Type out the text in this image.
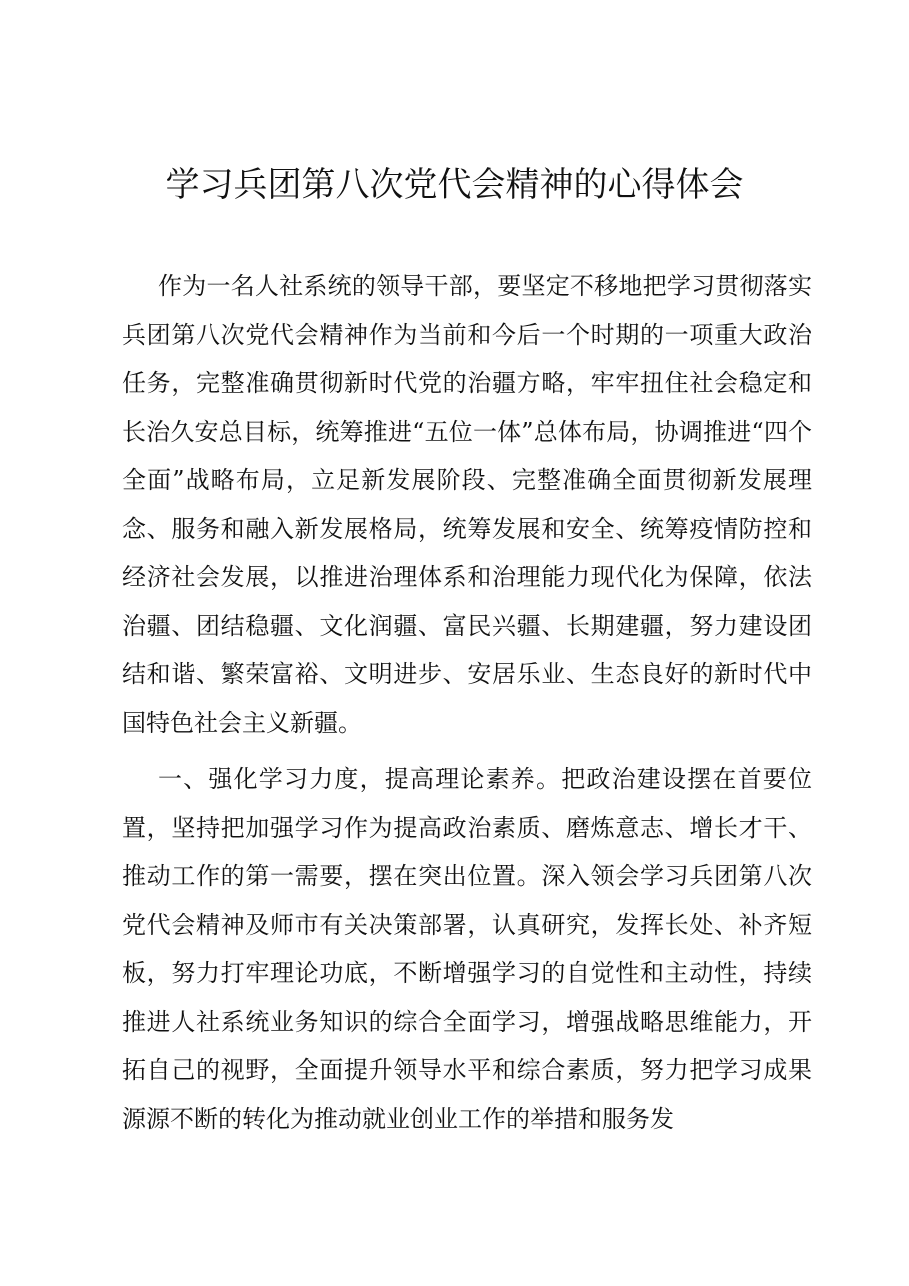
学习兵团第八次党代会精神的心得体会

作为一名人社系统的领导干部，要坚定不移地把学习贯彻落实兵团第八次党代会精神作为当前和今后一个时期的一项重大政治任务，完整准确贯彻新时代党的治疆方略，牢牢扭住社会稳定和长治久安总目标，统筹推进“五位一体”总体布局，协调推进“四个全面”战略布局，立足新发展阶段、完整准确全面贯彻新发展理念、服务和融入新发展格局，统筹发展和安全、统筹疫情防控和经济社会发展，以推进治理体系和治理能力现代化为保障，依法治疆、团结稳疆、文化润疆、富民兴疆、长期建疆，努力建设团结和谐、繁荣富裕、文明进步、安居乐业、生态良好的新时代中国特色社会主义新疆。

一、强化学习力度，提高理论素养。把政治建设摆在首要位置，坚持把加强学习作为提高政治素质、磨炼意志、增长才干、推动工作的第一需要，摆在突出位置。深入领会学习兵团第八次党代会精神及师市有关决策部署，认真研究，发挥长处、补齐短板，努力打牢理论功底，不断增强学习的自觉性和主动性，持续推进人社系统业务知识的综合全面学习，增强战略思维能力，开拓自己的视野，全面提升领导水平和综合素质，努力把学习成果源源不断的转化为推动就业创业工作的举措和服务发
